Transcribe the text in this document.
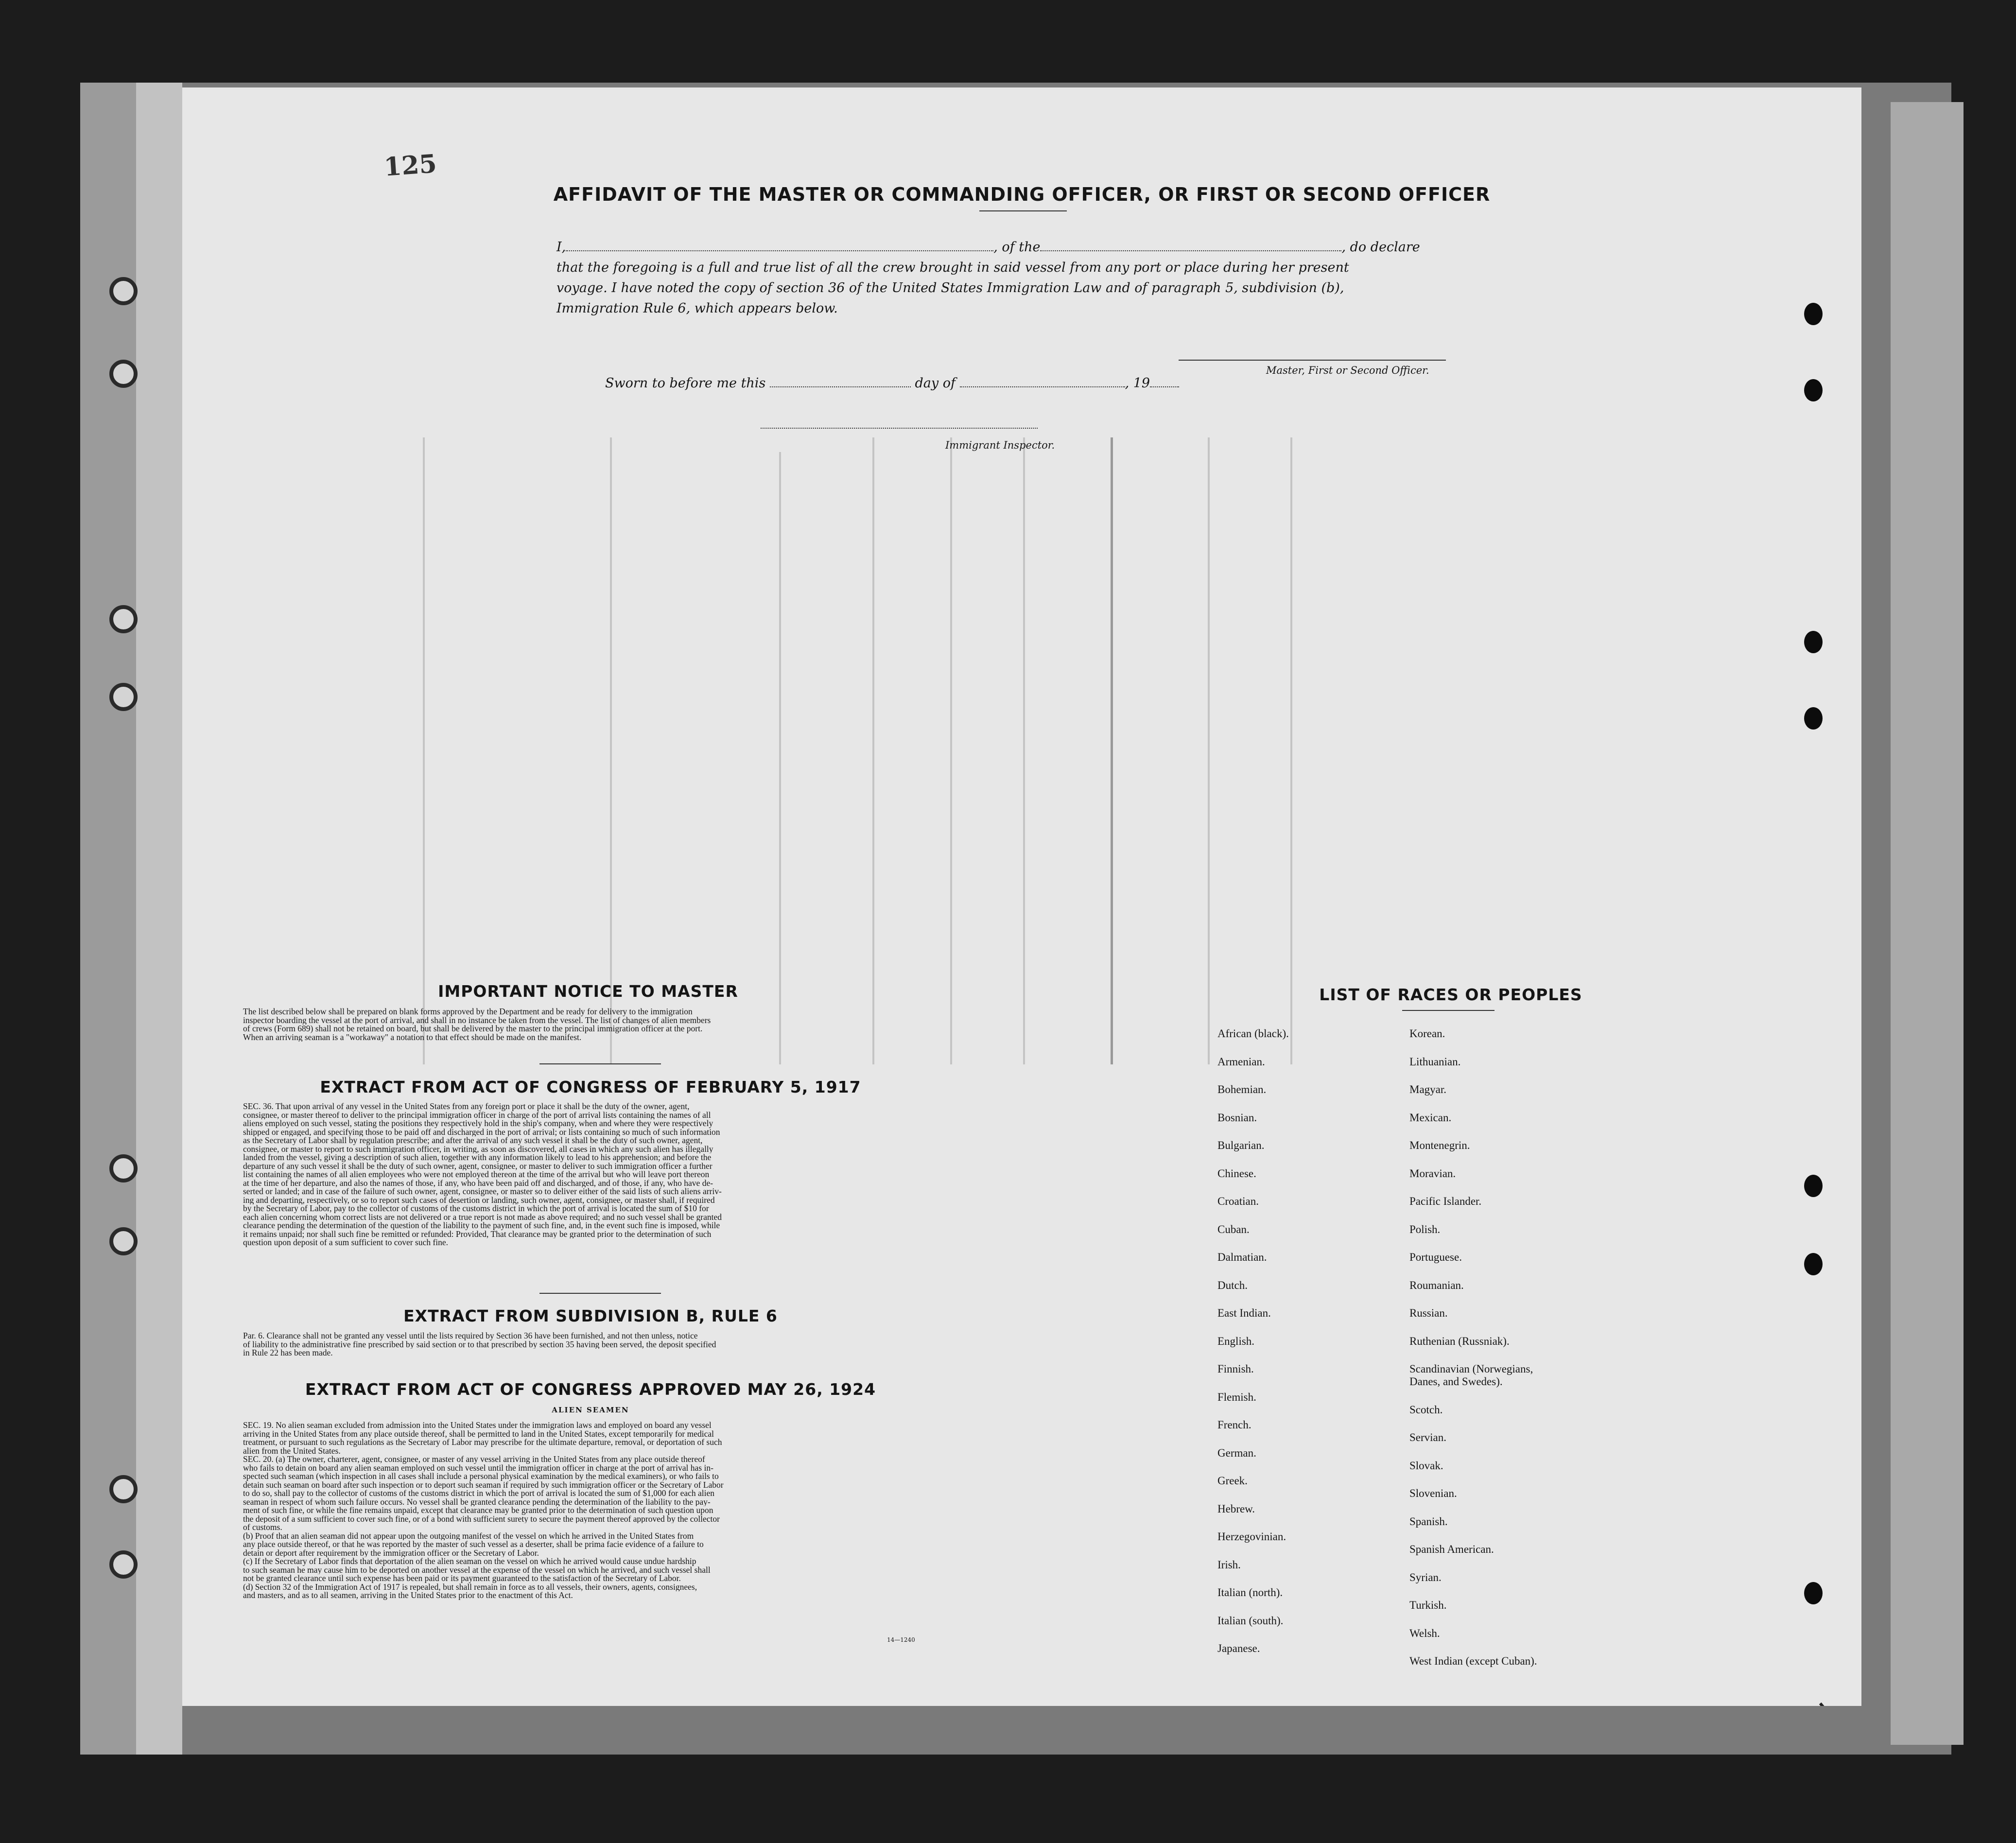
125
AFFIDAVIT OF THE MASTER OR COMMANDING OFFICER, OR FIRST OR SECOND OFFICER
I,	, of the	, do declare
that the foregoing is a full and true list of all the crew brought in said vessel from any port or place during her present
voyage. I have noted the copy of section 36 of the United States Immigration Law and of paragraph 5, subdivision (b),
Immigration Rule 6, which appears below.
Master, First or Second Officer.
Sworn to before me this	day of	, 19
Immigrant Inspector.
IMPORTANT NOTICE TO MASTER
The list described below shall be prepared on blank forms approved by the Department and be ready for delivery to the immigration
inspector boarding the vessel at the port of arrival, and shall in no instance be taken from the vessel. The list of changes of alien members
of crews (Form 689) shall not be retained on board, but shall be delivered by the master to the principal immigration officer at the port.
When an arriving seaman is a "workaway" a notation to that effect should be made on the manifest.
EXTRACT FROM ACT OF CONGRESS OF FEBRUARY 5, 1917
SEC. 36. That upon arrival of any vessel in the United States from any foreign port or place it shall be the duty of the owner, agent,
consignee, or master thereof to deliver to the principal immigration officer in charge of the port of arrival lists containing the names of all
aliens employed on such vessel, stating the positions they respectively hold in the ship's company, when and where they were respectively
shipped or engaged, and specifying those to be paid off and discharged in the port of arrival; or lists containing so much of such information
as the Secretary of Labor shall by regulation prescribe; and after the arrival of any such vessel it shall be the duty of such owner, agent,
consignee, or master to report to such immigration officer, in writing, as soon as discovered, all cases in which any such alien has illegally
landed from the vessel, giving a description of such alien, together with any information likely to lead to his apprehension; and before the
departure of any such vessel it shall be the duty of such owner, agent, consignee, or master to deliver to such immigration officer a further
list containing the names of all alien employees who were not employed thereon at the time of the arrival but who will leave port thereon
at the time of her departure, and also the names of those, if any, who have been paid off and discharged, and of those, if any, who have de-
serted or landed; and in case of the failure of such owner, agent, consignee, or master so to deliver either of the said lists of such aliens arriv-
ing and departing, respectively, or so to report such cases of desertion or landing, such owner, agent, consignee, or master shall, if required
by the Secretary of Labor, pay to the collector of customs of the customs district in which the port of arrival is located the sum of $10 for
each alien concerning whom correct lists are not delivered or a true report is not made as above required; and no such vessel shall be granted
clearance pending the determination of the question of the liability to the payment of such fine, and, in the event such fine is imposed, while
it remains unpaid; nor shall such fine be remitted or refunded: Provided, That clearance may be granted prior to the determination of such
question upon deposit of a sum sufficient to cover such fine.
EXTRACT FROM SUBDIVISION B, RULE 6
Par. 6. Clearance shall not be granted any vessel until the lists required by Section 36 have been furnished, and not then unless, notice
of liability to the administrative fine prescribed by said section or to that prescribed by section 35 having been served, the deposit specified
in Rule 22 has been made.
EXTRACT FROM ACT OF CONGRESS APPROVED MAY 26, 1924
ALIEN SEAMEN
SEC. 19. No alien seaman excluded from admission into the United States under the immigration laws and employed on board any vessel
arriving in the United States from any place outside thereof, shall be permitted to land in the United States, except temporarily for medical
treatment, or pursuant to such regulations as the Secretary of Labor may prescribe for the ultimate departure, removal, or deportation of such
alien from the United States.
SEC. 20. (a) The owner, charterer, agent, consignee, or master of any vessel arriving in the United States from any place outside thereof
who fails to detain on board any alien seaman employed on such vessel until the immigration officer in charge at the port of arrival has in-
spected such seaman (which inspection in all cases shall include a personal physical examination by the medical examiners), or who fails to
detain such seaman on board after such inspection or to deport such seaman if required by such immigration officer or the Secretary of Labor
to do so, shall pay to the collector of customs of the customs district in which the port of arrival is located the sum of $1,000 for each alien
seaman in respect of whom such failure occurs. No vessel shall be granted clearance pending the determination of the liability to the pay-
ment of such fine, or while the fine remains unpaid, except that clearance may be granted prior to the determination of such question upon
the deposit of a sum sufficient to cover such fine, or of a bond with sufficient surety to secure the payment thereof approved by the collector
of customs.
(b) Proof that an alien seaman did not appear upon the outgoing manifest of the vessel on which he arrived in the United States from
any place outside thereof, or that he was reported by the master of such vessel as a deserter, shall be prima facie evidence of a failure to
detain or deport after requirement by the immigration officer or the Secretary of Labor.
(c) If the Secretary of Labor finds that deportation of the alien seaman on the vessel on which he arrived would cause undue hardship
to such seaman he may cause him to be deported on another vessel at the expense of the vessel on which he arrived, and such vessel shall
not be granted clearance until such expense has been paid or its payment guaranteed to the satisfaction of the Secretary of Labor.
(d) Section 32 of the Immigration Act of 1917 is repealed, but shall remain in force as to all vessels, their owners, agents, consignees,
and masters, and as to all seamen, arriving in the United States prior to the enactment of this Act.
14—1240
LIST OF RACES OR PEOPLES
African (black).
Armenian.
Bohemian.
Bosnian.
Bulgarian.
Chinese.
Croatian.
Cuban.
Dalmatian.
Dutch.
East Indian.
English.
Finnish.
Flemish.
French.
German.
Greek.
Hebrew.
Herzegovinian.
Irish.
Italian (north).
Italian (south).
Japanese.
Korean.
Lithuanian.
Magyar.
Mexican.
Montenegrin.
Moravian.
Pacific Islander.
Polish.
Portuguese.
Roumanian.
Russian.
Ruthenian (Russniak).
Scandinavian (Norwegians,
Danes, and Swedes).
Scotch.
Servian.
Slovak.
Slovenian.
Spanish.
Spanish American.
Syrian.
Turkish.
Welsh.
West Indian (except Cuban).
